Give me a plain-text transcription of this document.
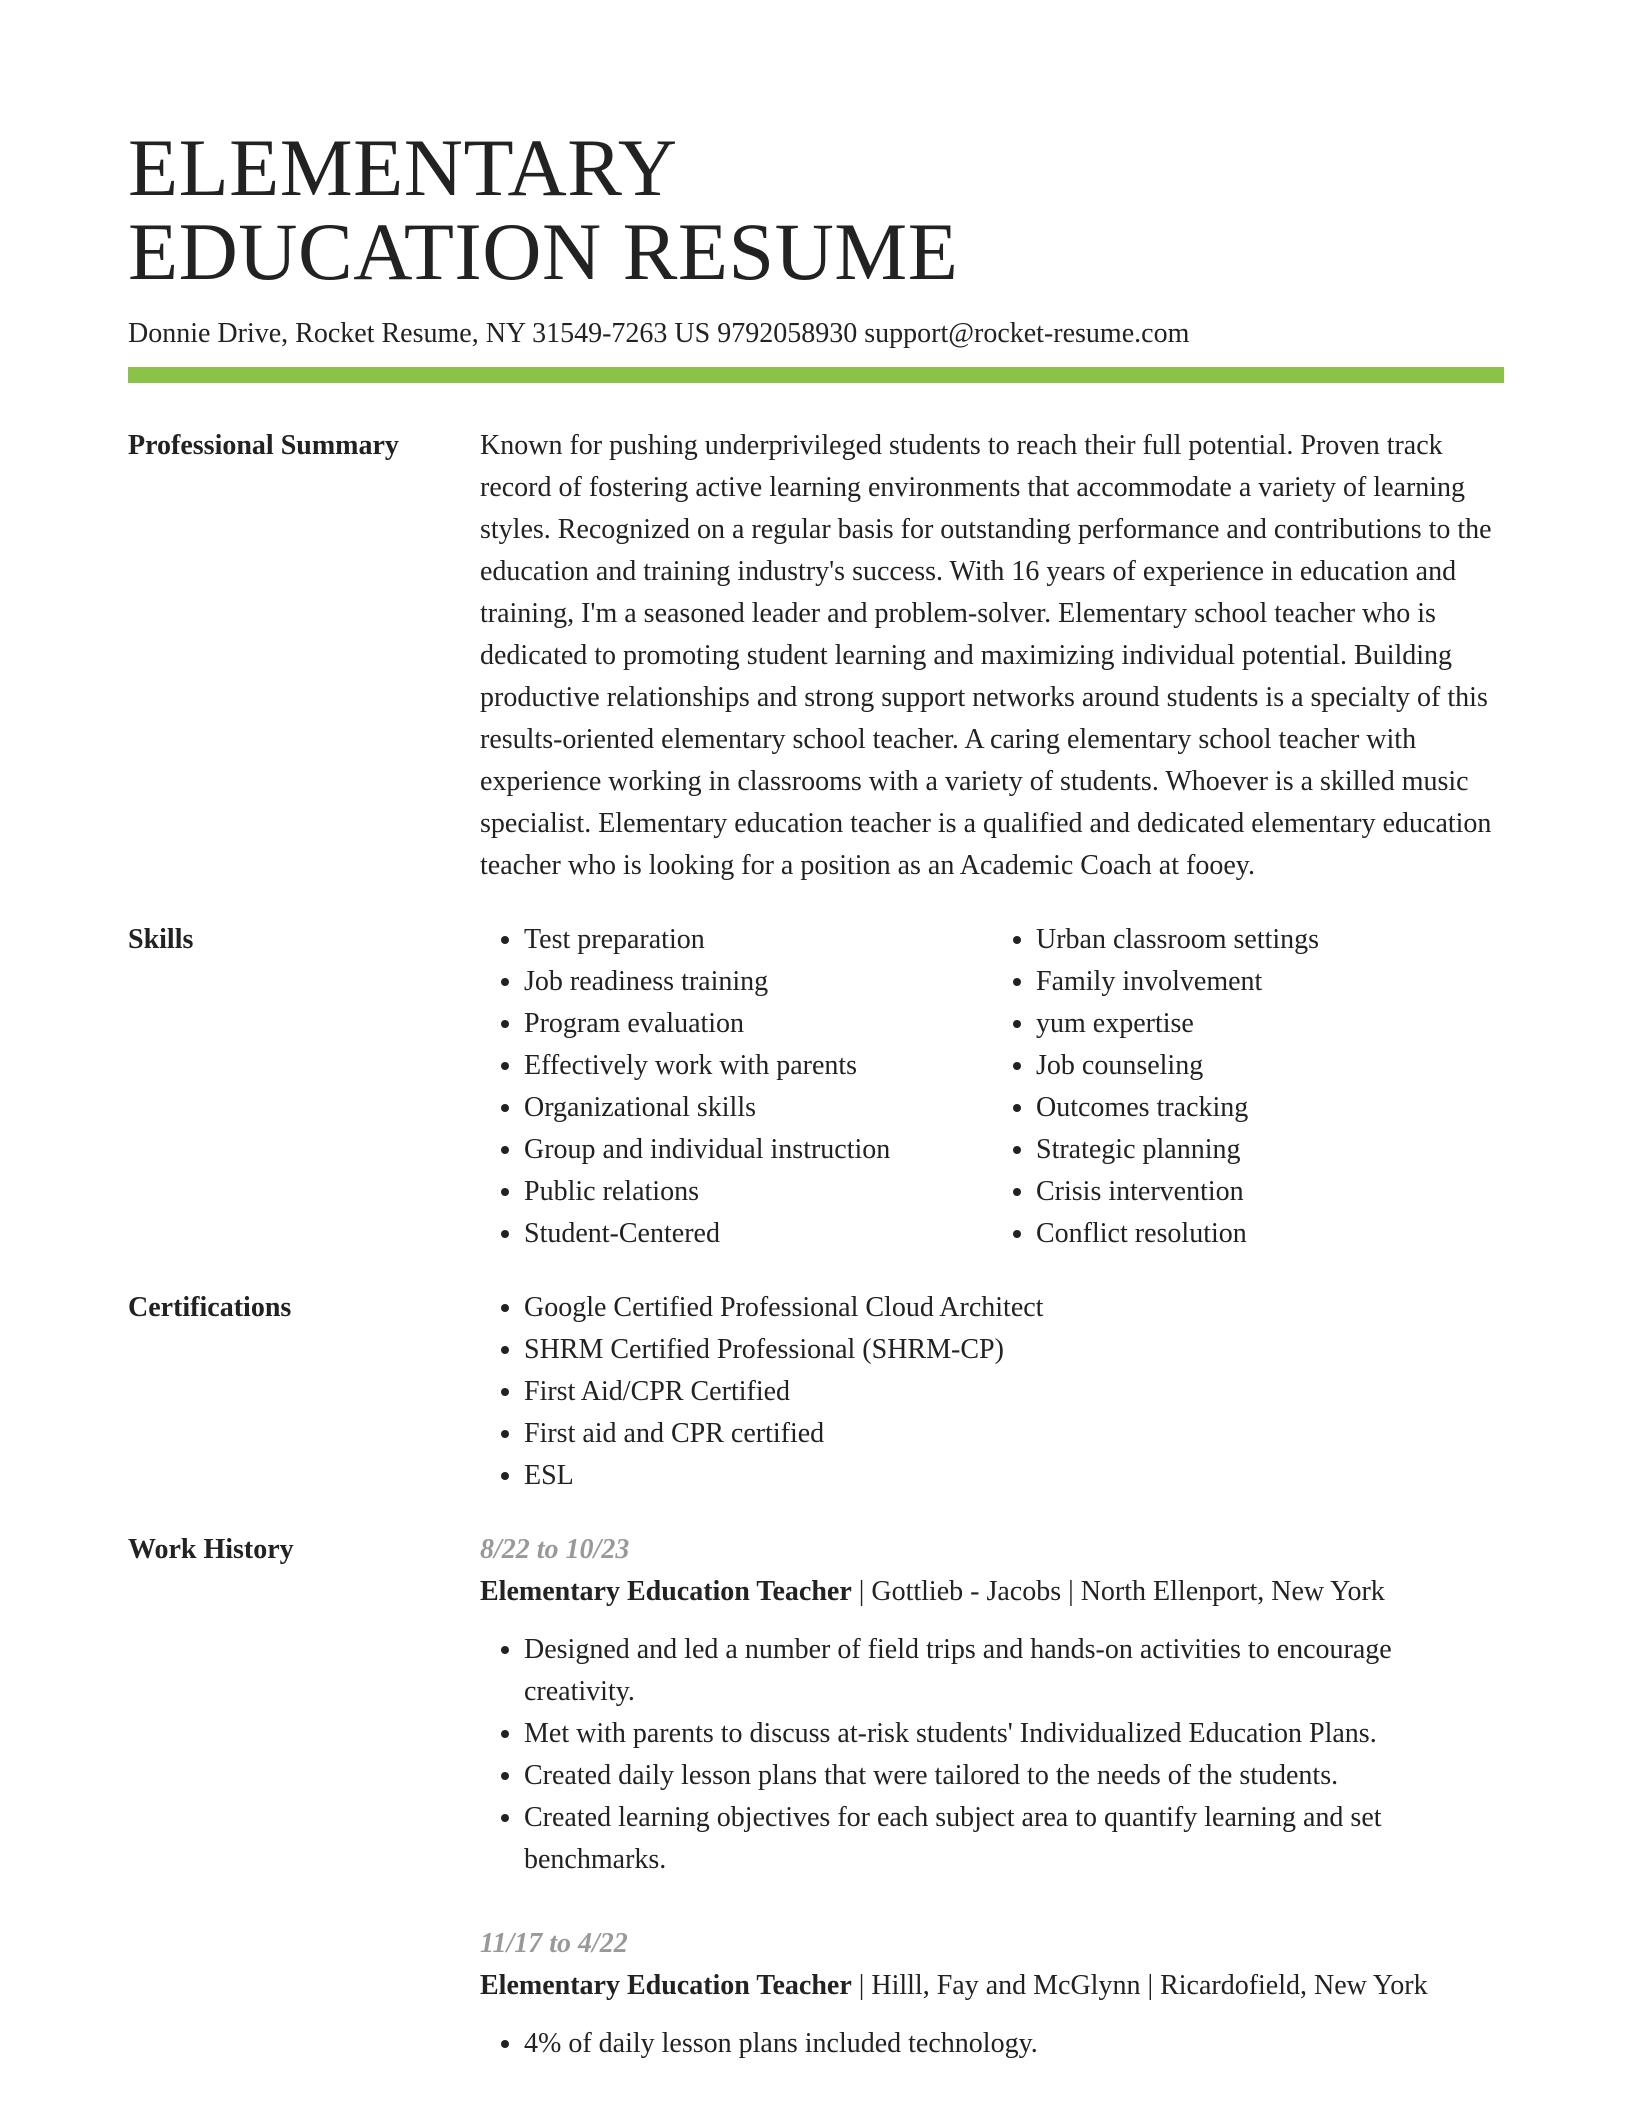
ELEMENTARY
EDUCATION RESUME
Donnie Drive, Rocket Resume, NY 31549-7263 US 9792058930 support@rocket-resume.com
Professional Summary	Known for pushing underprivileged students to reach their full potential. Proven track record of fostering active learning environments that accommodate a variety of learning styles. Recognized on a regular basis for outstanding performance and contributions to the education and training industry's success. With 16 years of experience in education and training, I'm a seasoned leader and problem-solver. Elementary school teacher who is dedicated to promoting student learning and maximizing individual potential. Building productive relationships and strong support networks around students is a specialty of this results-oriented elementary school teacher. A caring elementary school teacher with experience working in classrooms with a variety of students. Whoever is a skilled music specialist. Elementary education teacher is a qualified and dedicated elementary education teacher who is looking for a position as an Academic Coach at fooey.

Skills	• Test preparation
• Job readiness training
• Program evaluation
• Effectively work with parents
• Organizational skills
• Group and individual instruction
• Public relations
• Student-Centered
• Urban classroom settings
• Family involvement
• yum expertise
• Job counseling
• Outcomes tracking
• Strategic planning
• Crisis intervention
• Conflict resolution
Certifications	• Google Certified Professional Cloud Architect
• SHRM Certified Professional (SHRM-CP)
• First Aid/CPR Certified
• First aid and CPR certified
• ESL
Work History	8/22 to 10/23
Elementary Education Teacher | Gottlieb - Jacobs | North Ellenport, New York
• Designed and led a number of field trips and hands-on activities to encourage creativity.
• Met with parents to discuss at-risk students' Individualized Education Plans.
• Created daily lesson plans that were tailored to the needs of the students.
• Created learning objectives for each subject area to quantify learning and set benchmarks.
11/17 to 4/22
Elementary Education Teacher | Hilll, Fay and McGlynn | Ricardofield, New York
• 4% of daily lesson plans included technology.
